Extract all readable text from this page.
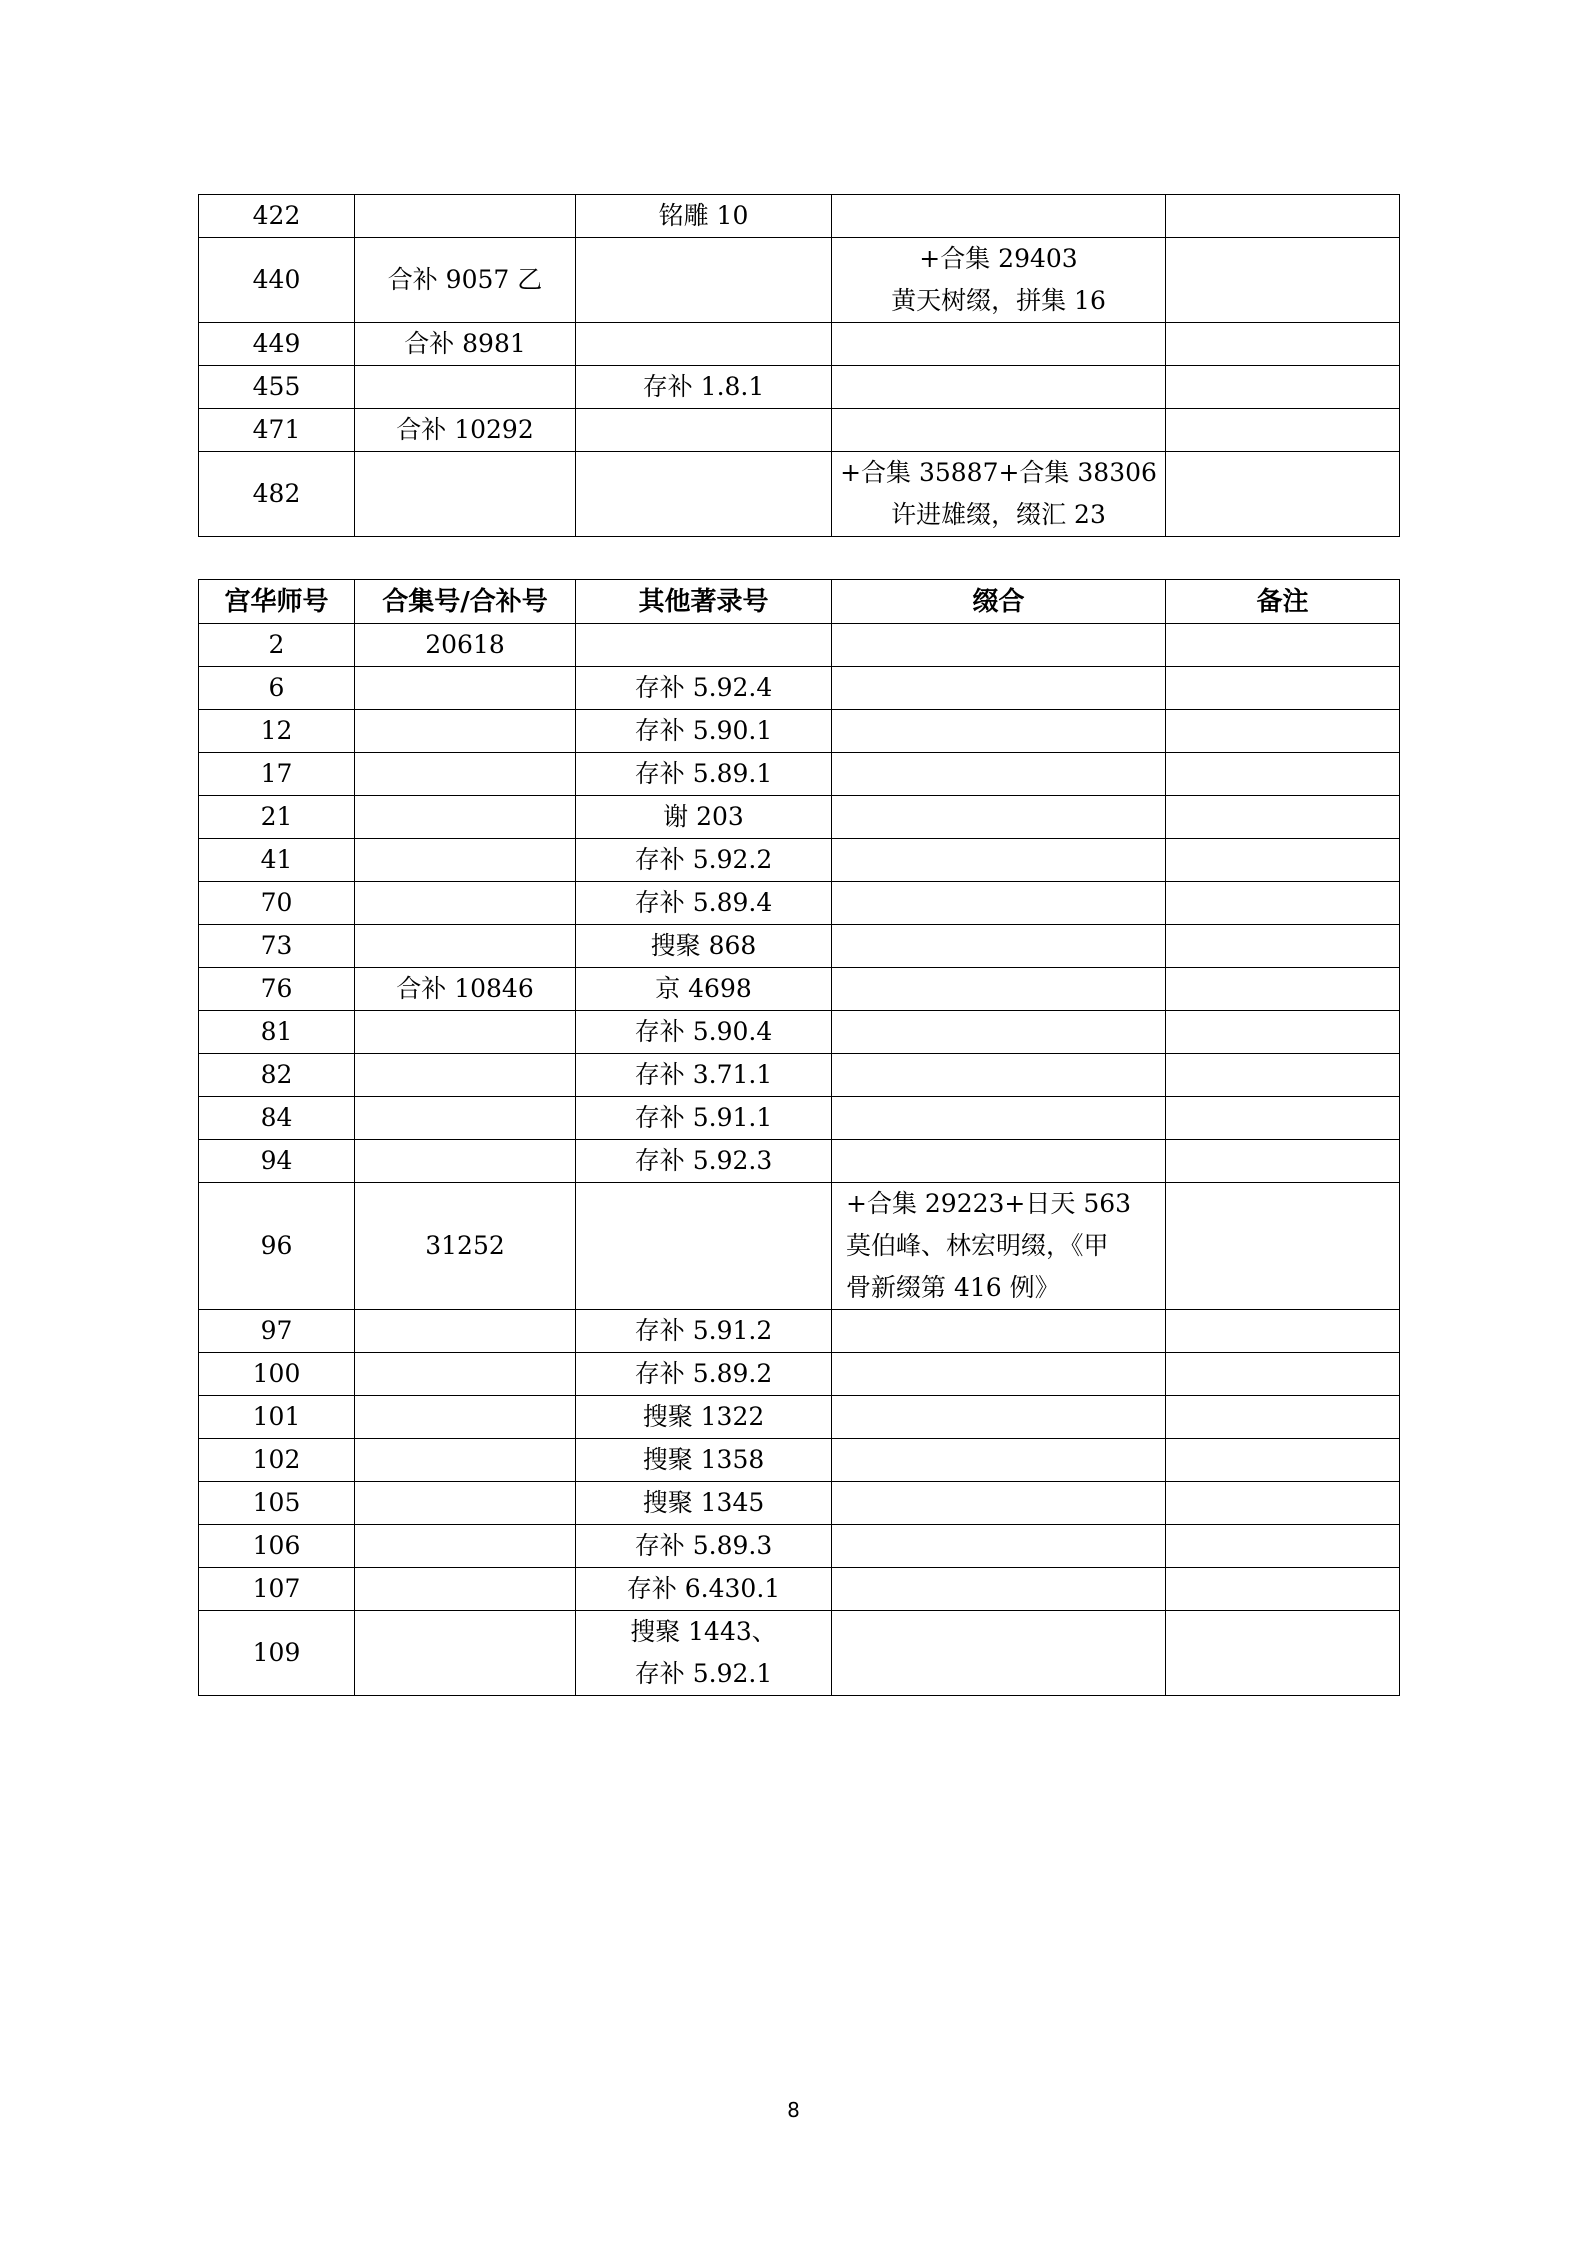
422		铭雕 10		
440	合补 9057 乙		+合集 29403
黄天树缀，拼集 16	
449	合补 8981			
455		存补 1.8.1		
471	合补 10292			
482			+合集 35887+合集 38306
许进雄缀，缀汇 23	
宫华师号	合集号/合补号	其他著录号	缀合	备注
2	20618			
6		存补 5.92.4		
12		存补 5.90.1		
17		存补 5.89.1		
21		谢 203		
41		存补 5.92.2		
70		存补 5.89.4		
73		搜聚 868		
76	合补 10846	京 4698		
81		存补 5.90.4		
82		存补 3.71.1		
84		存补 5.91.1		
94		存补 5.92.3		
96	31252		+合集 29223+日天 563
莫伯峰、林宏明缀，《甲
骨新缀第 416 例》	
97		存补 5.91.2		
100		存补 5.89.2		
101		搜聚 1322		
102		搜聚 1358		
105		搜聚 1345		
106		存补 5.89.3		
107		存补 6.430.1		
109		搜聚 1443、
存补 5.92.1		
8
